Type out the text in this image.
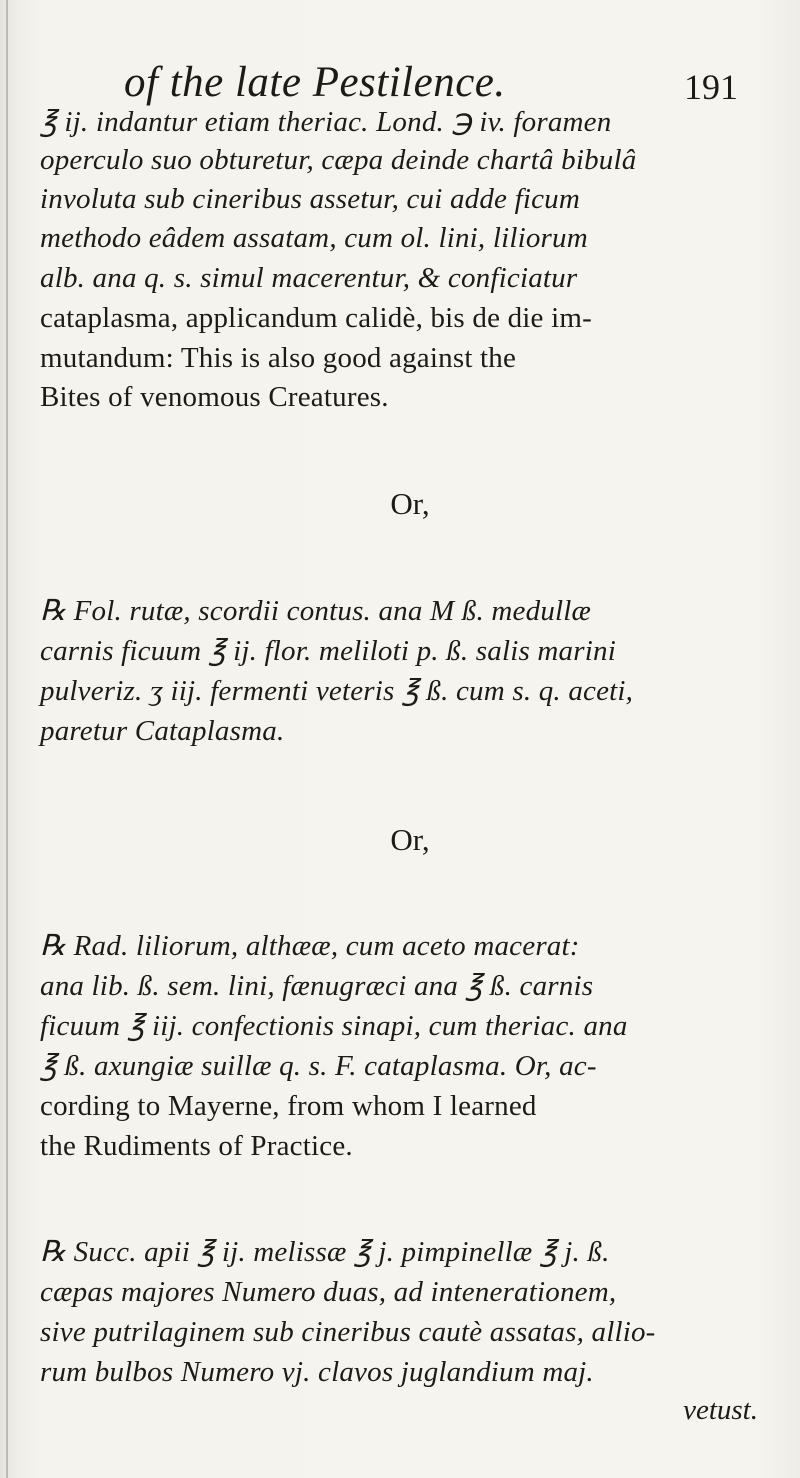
of the late Pestilence.	191
℥ ij. indantur etiam theriac. Lond. ℈ iv. foramen
operculo suo obturetur, cæpa deinde chartâ bibulâ
involuta sub cineribus assetur, cui adde ficum
methodo eâdem assatam, cum ol. lini, liliorum
alb. ana q. s. simul macerentur, & conficiatur
cataplasma, applicandum calidè, bis de die im-
mutandum: This is also good against the
Bites of venomous Creatures.
Or,
℞ Fol. rutæ, scordii contus. ana M ß. medullæ
carnis ficuum ℥ ij. flor. meliloti p. ß. salis marini
pulveriz. ʒ iij. fermenti veteris ℥ ß. cum s. q. aceti,
paretur Cataplasma.
Or,
℞ Rad. liliorum, althææ, cum aceto macerat:
ana lib. ß. sem. lini, fænugræci ana ℥ ß. carnis
ficuum ℥ iij. confectionis sinapi, cum theriac. ana
℥ ß. axungiæ suillæ q. s. F. cataplasma. Or, ac-
cording to Mayerne, from whom I learned
the Rudiments of Practice.
℞ Succ. apii ℥ ij. melissæ ℥ j. pimpinellæ ℥ j. ß.
cæpas majores Numero duas, ad intenerationem,
sive putrilaginem sub cineribus cautè assatas, allio-
rum bulbos Numero vj. clavos juglandium maj.
vetust.
